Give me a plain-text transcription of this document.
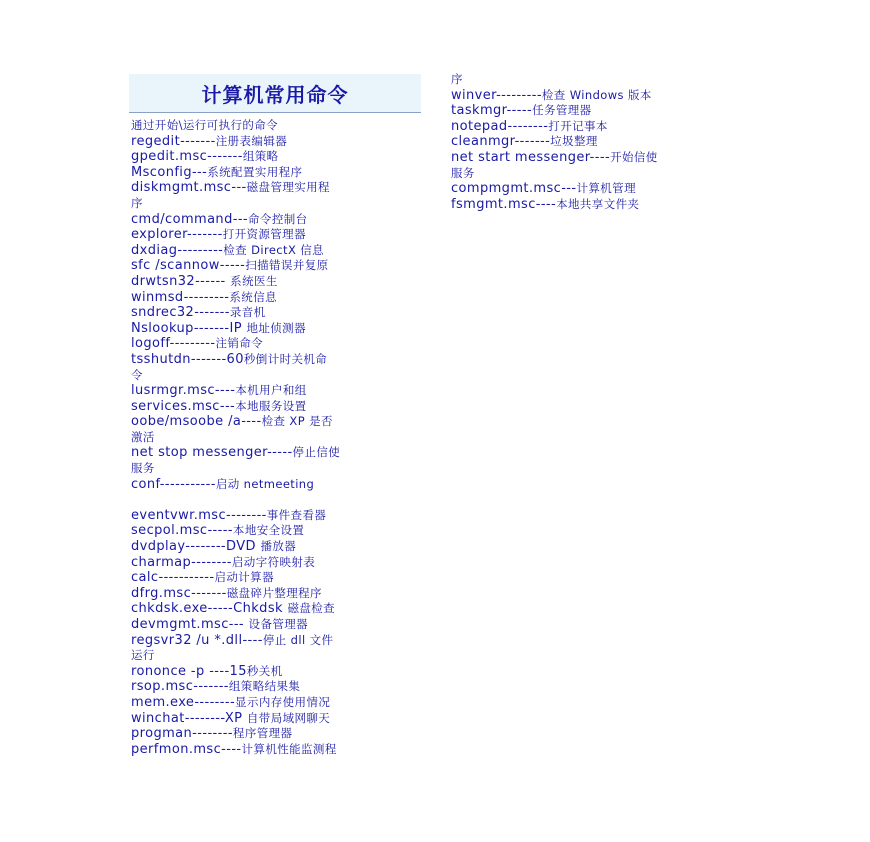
计算机常用命令
通过开始\运行可执行的命令
regedit-------注册表编辑器
gpedit.msc-------组策略
Msconfig---系统配置实用程序
diskmgmt.msc---磁盘管理实用程
序
cmd/command---命令控制台
explorer-------打开资源管理器
dxdiag---------检查 DirectX 信息
sfc /scannow-----扫描错误并复原
drwtsn32------ 系统医生
winmsd---------系统信息
sndrec32-------录音机
Nslookup-------IP 地址侦测器
logoff---------注销命令
tsshutdn-------60秒倒计时关机命
令
lusrmgr.msc----本机用户和组
services.msc---本地服务设置
oobe/msoobe /a----检查 XP 是否
激活
net stop messenger-----停止信使
服务
conf-----------启动 netmeeting
eventvwr.msc--------事件查看器
secpol.msc-----本地安全设置
dvdplay--------DVD 播放器
charmap--------启动字符映射表
calc-----------启动计算器
dfrg.msc-------磁盘碎片整理程序
chkdsk.exe-----Chkdsk 磁盘检查
devmgmt.msc--- 设备管理器
regsvr32 /u *.dll----停止 dll 文件
运行
rononce -p ----15秒关机
rsop.msc-------组策略结果集
mem.exe--------显示内存使用情况
winchat--------XP 自带局域网聊天
progman--------程序管理器
perfmon.msc----计算机性能监测程
序
winver---------检查 Windows 版本
taskmgr-----任务管理器
notepad--------打开记事本
cleanmgr-------垃圾整理
net start messenger----开始信使
服务
compmgmt.msc---计算机管理
fsmgmt.msc----本地共享文件夹
